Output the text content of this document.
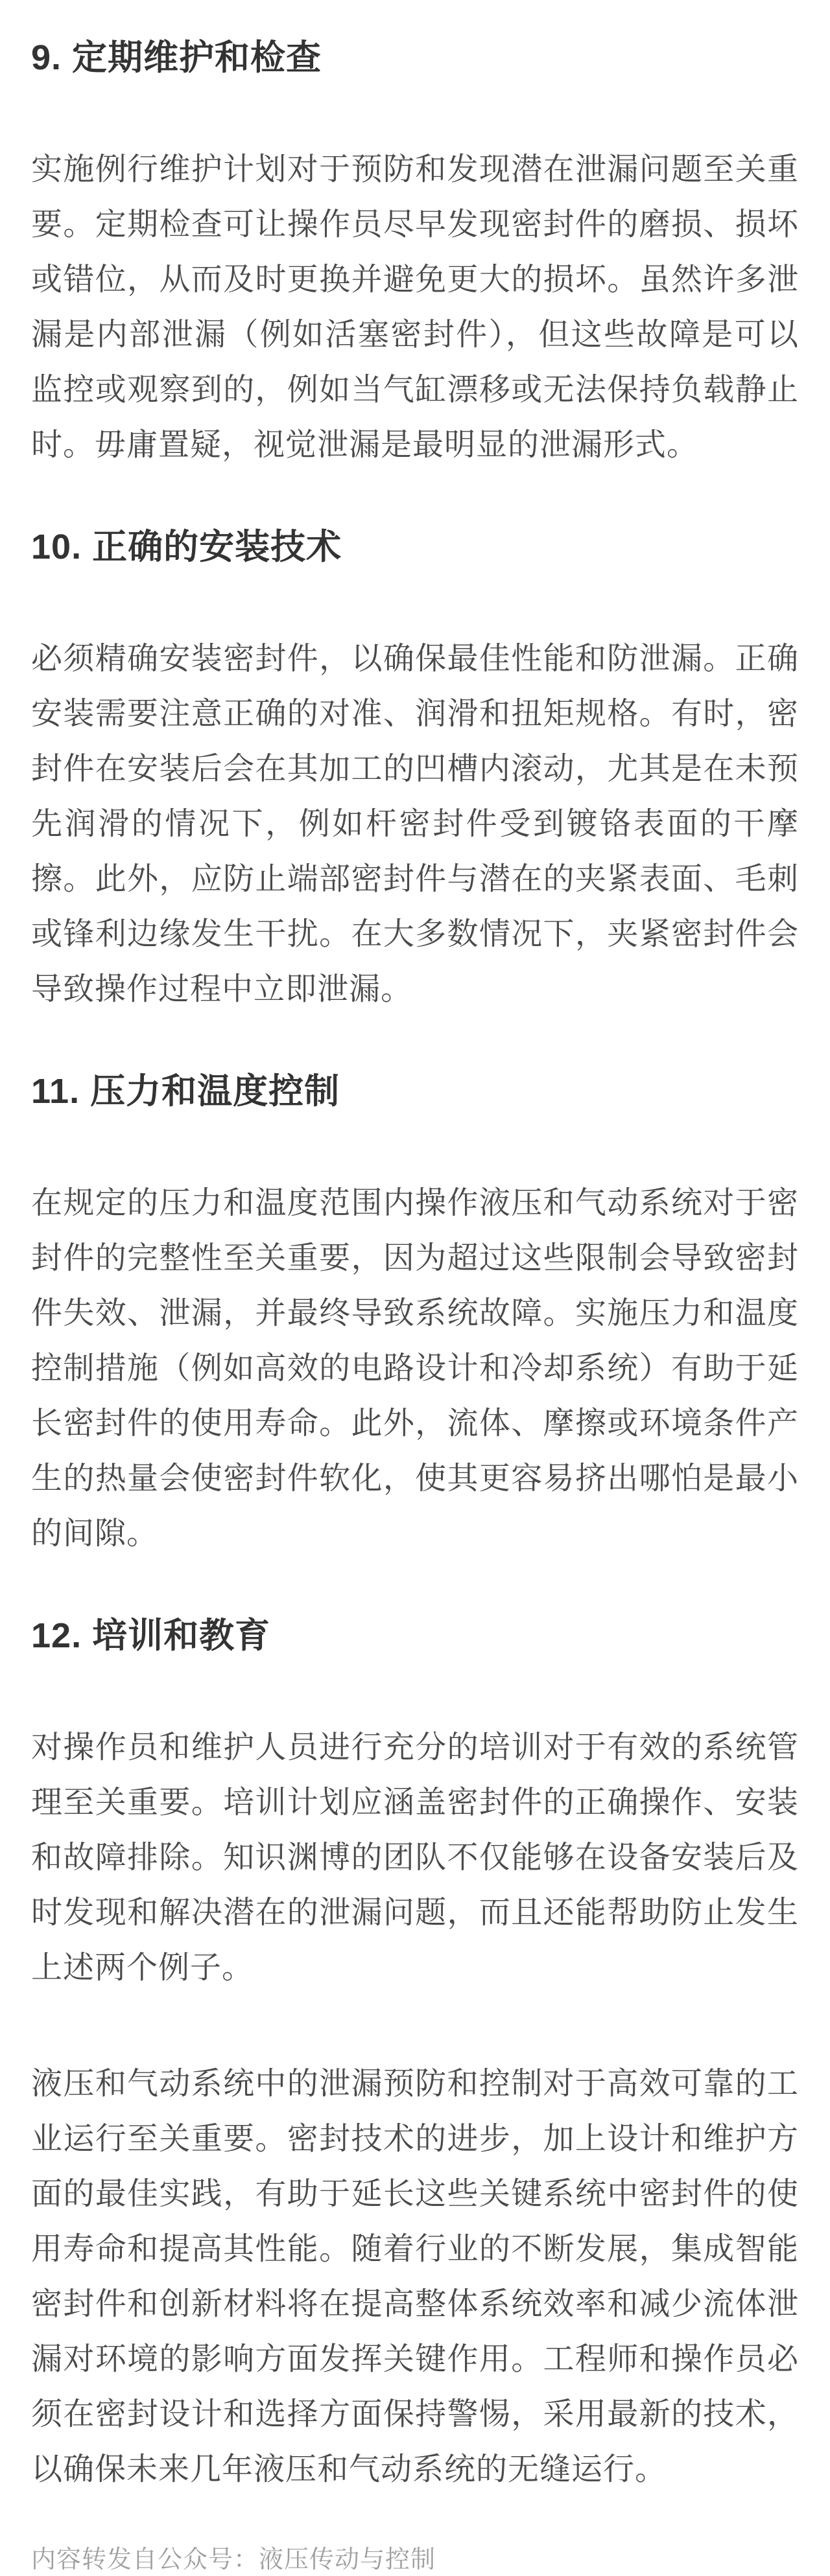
9. 定期维护和检查

实施例行维护计划对于预防和发现潜在泄漏问题至关重要。定期检查可让操作员尽早发现密封件的磨损、损坏或错位，从而及时更换并避免更大的损坏。虽然许多泄漏是内部泄漏（例如活塞密封件），但这些故障是可以监控或观察到的，例如当气缸漂移或无法保持负载静止时。毋庸置疑，视觉泄漏是最明显的泄漏形式。

10. 正确的安装技术

必须精确安装密封件，以确保最佳性能和防泄漏。正确安装需要注意正确的对准、润滑和扭矩规格。有时，密封件在安装后会在其加工的凹槽内滚动，尤其是在未预先润滑的情况下，例如杆密封件受到镀铬表面的干摩擦。此外，应防止端部密封件与潜在的夹紧表面、毛刺或锋利边缘发生干扰。在大多数情况下，夹紧密封件会导致操作过程中立即泄漏。

11. 压力和温度控制

在规定的压力和温度范围内操作液压和气动系统对于密封件的完整性至关重要，因为超过这些限制会导致密封件失效、泄漏，并最终导致系统故障。实施压力和温度控制措施（例如高效的电路设计和冷却系统）有助于延长密封件的使用寿命。此外，流体、摩擦或环境条件产生的热量会使密封件软化，使其更容易挤出哪怕是最小的间隙。

12. 培训和教育

对操作员和维护人员进行充分的培训对于有效的系统管理至关重要。培训计划应涵盖密封件的正确操作、安装和故障排除。知识渊博的团队不仅能够在设备安装后及时发现和解决潜在的泄漏问题，而且还能帮助防止发生上述两个例子。

液压和气动系统中的泄漏预防和控制对于高效可靠的工业运行至关重要。密封技术的进步，加上设计和维护方面的最佳实践，有助于延长这些关键系统中密封件的使用寿命和提高其性能。随着行业的不断发展，集成智能密封件和创新材料将在提高整体系统效率和减少流体泄漏对环境的影响方面发挥关键作用。工程师和操作员必须在密封设计和选择方面保持警惕，采用最新的技术，以确保未来几年液压和气动系统的无缝运行。

内容转发自公众号：液压传动与控制
